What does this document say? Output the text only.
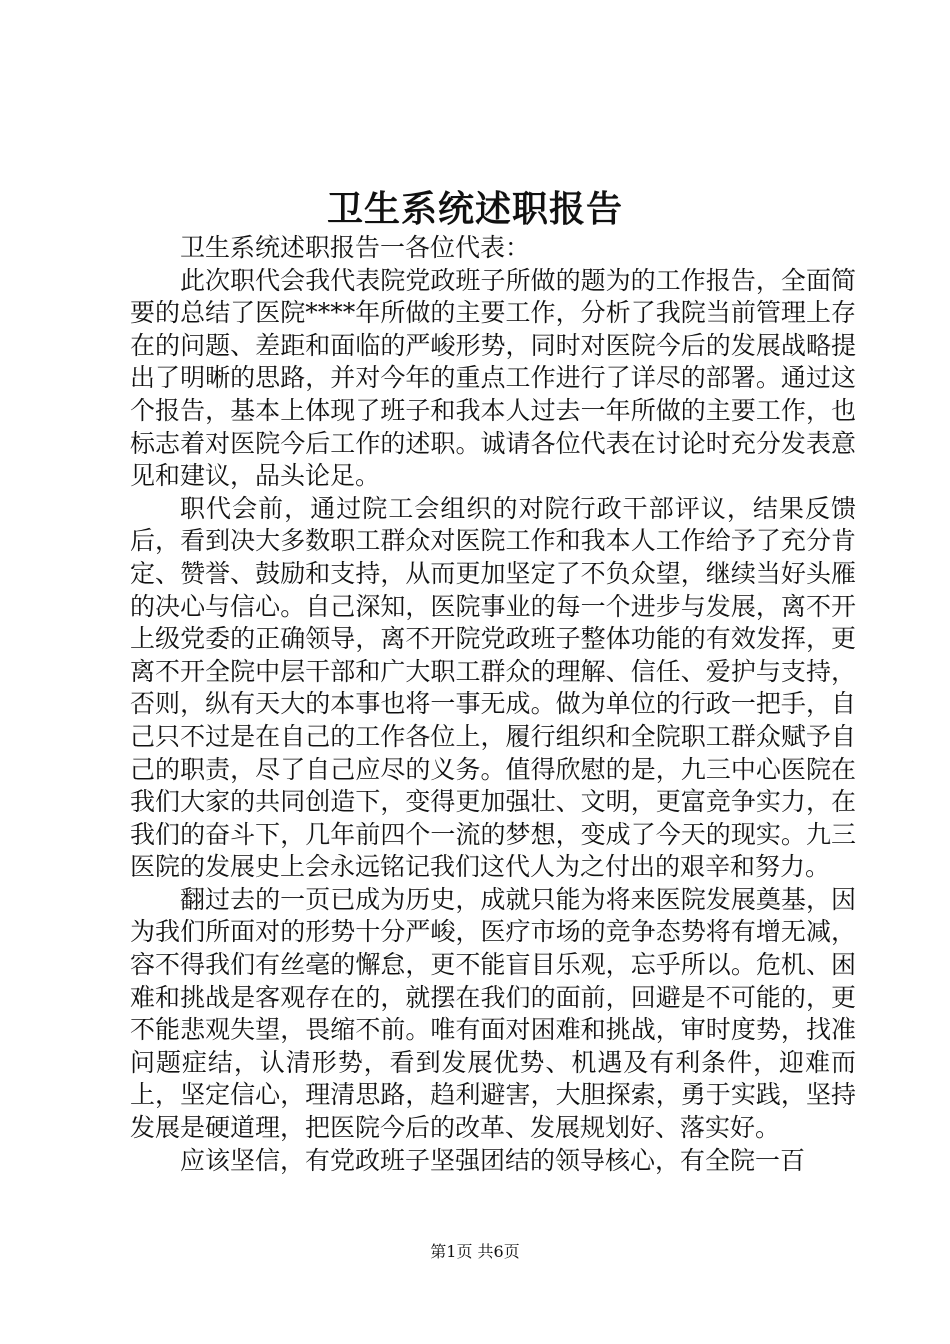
卫生系统述职报告

卫生系统述职报告一各位代表：

此次职代会我代表院党政班子所做的题为的工作报告，全面简要的总结了医院****年所做的主要工作，分析了我院当前管理上存在的问题、差距和面临的严峻形势，同时对医院今后的发展战略提出了明晰的思路，并对今年的重点工作进行了详尽的部署。通过这个报告，基本上体现了班子和我本人过去一年所做的主要工作，也标志着对医院今后工作的述职。诚请各位代表在讨论时充分发表意见和建议，品头论足。

职代会前，通过院工会组织的对院行政干部评议，结果反馈后，看到决大多数职工群众对医院工作和我本人工作给予了充分肯定、赞誉、鼓励和支持，从而更加坚定了不负众望，继续当好头雁的决心与信心。自己深知，医院事业的每一个进步与发展，离不开上级党委的正确领导，离不开院党政班子整体功能的有效发挥，更离不开全院中层干部和广大职工群众的理解、信任、爱护与支持，否则，纵有天大的本事也将一事无成。做为单位的行政一把手，自己只不过是在自己的工作各位上，履行组织和全院职工群众赋予自己的职责，尽了自己应尽的义务。值得欣慰的是，九三中心医院在我们大家的共同创造下，变得更加强壮、文明，更富竞争实力，在我们的奋斗下，几年前四个一流的梦想，变成了今天的现实。九三医院的发展史上会永远铭记我们这代人为之付出的艰辛和努力。

翻过去的一页已成为历史，成就只能为将来医院发展奠基，因为我们所面对的形势十分严峻，医疗市场的竞争态势将有增无减，容不得我们有丝毫的懈怠，更不能盲目乐观，忘乎所以。危机、困难和挑战是客观存在的，就摆在我们的面前，回避是不可能的，更不能悲观失望，畏缩不前。唯有面对困难和挑战，审时度势，找准问题症结，认清形势，看到发展优势、机遇及有利条件，迎难而上，坚定信心，理清思路，趋利避害，大胆探索，勇于实践，坚持发展是硬道理，把医院今后的改革、发展规划好、落实好。

应该坚信，有党政班子坚强团结的领导核心，有全院一百

第1页 共6页
